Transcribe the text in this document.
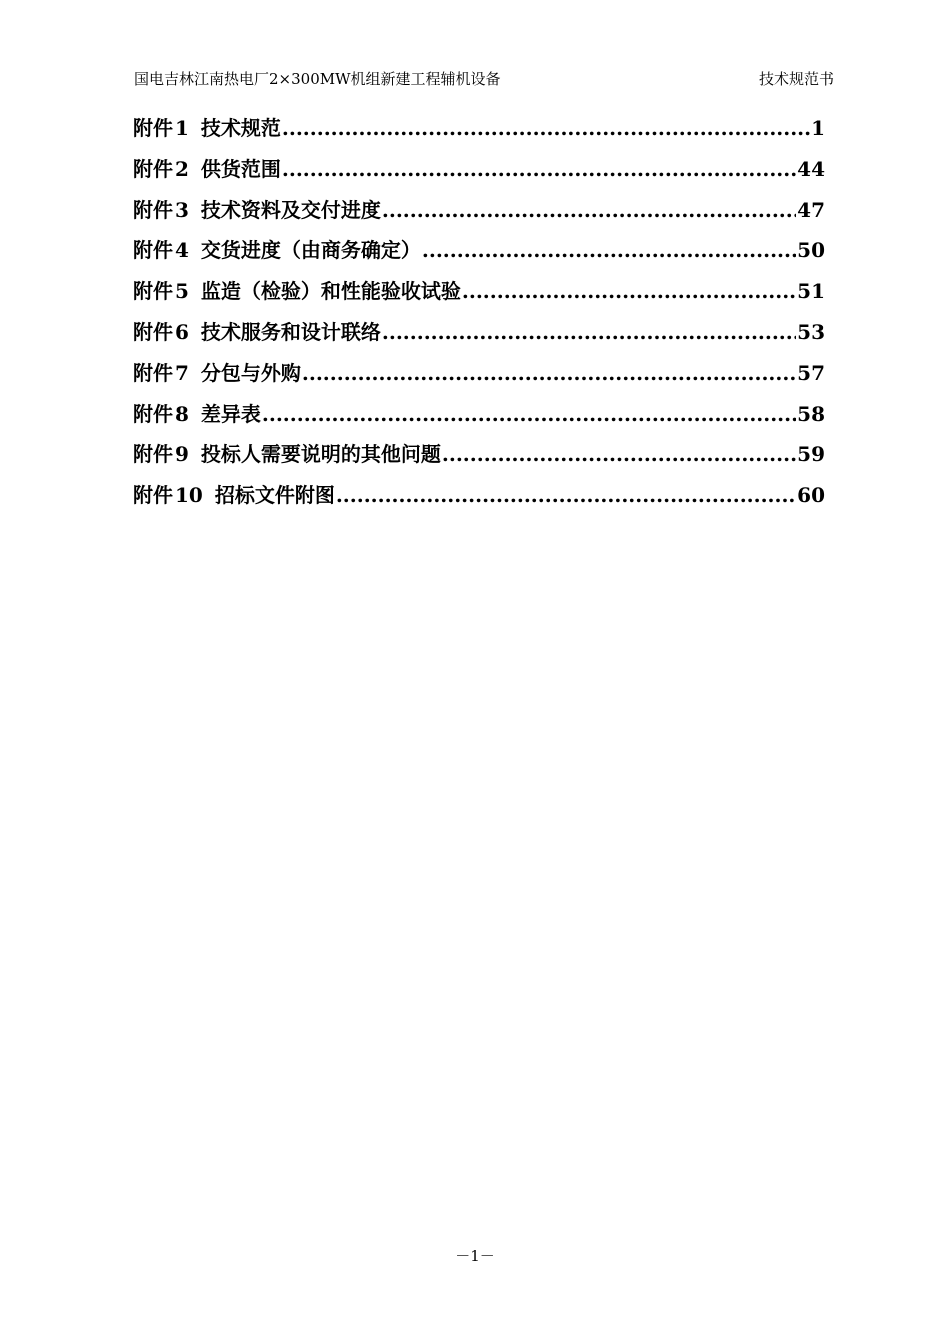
国电吉林江南热电厂2×300MW机组新建工程辅机设备	技术规范书
附件 1 技术规范 .....	1
附件 2 供货范围 .....	44
附件 3 技术资料及交付进度 .....	47
附件 4 交货进度（由商务确定） .....	50
附件 5 监造（检验）和性能验收试验 .....	51
附件 6 技术服务和设计联络 .....	53
附件 7 分包与外购 .....	57
附件 8 差异表 .....	58
附件 9 投标人需要说明的其他问题 .....	59
附件 10 招标文件附图 .....	60
－1－
